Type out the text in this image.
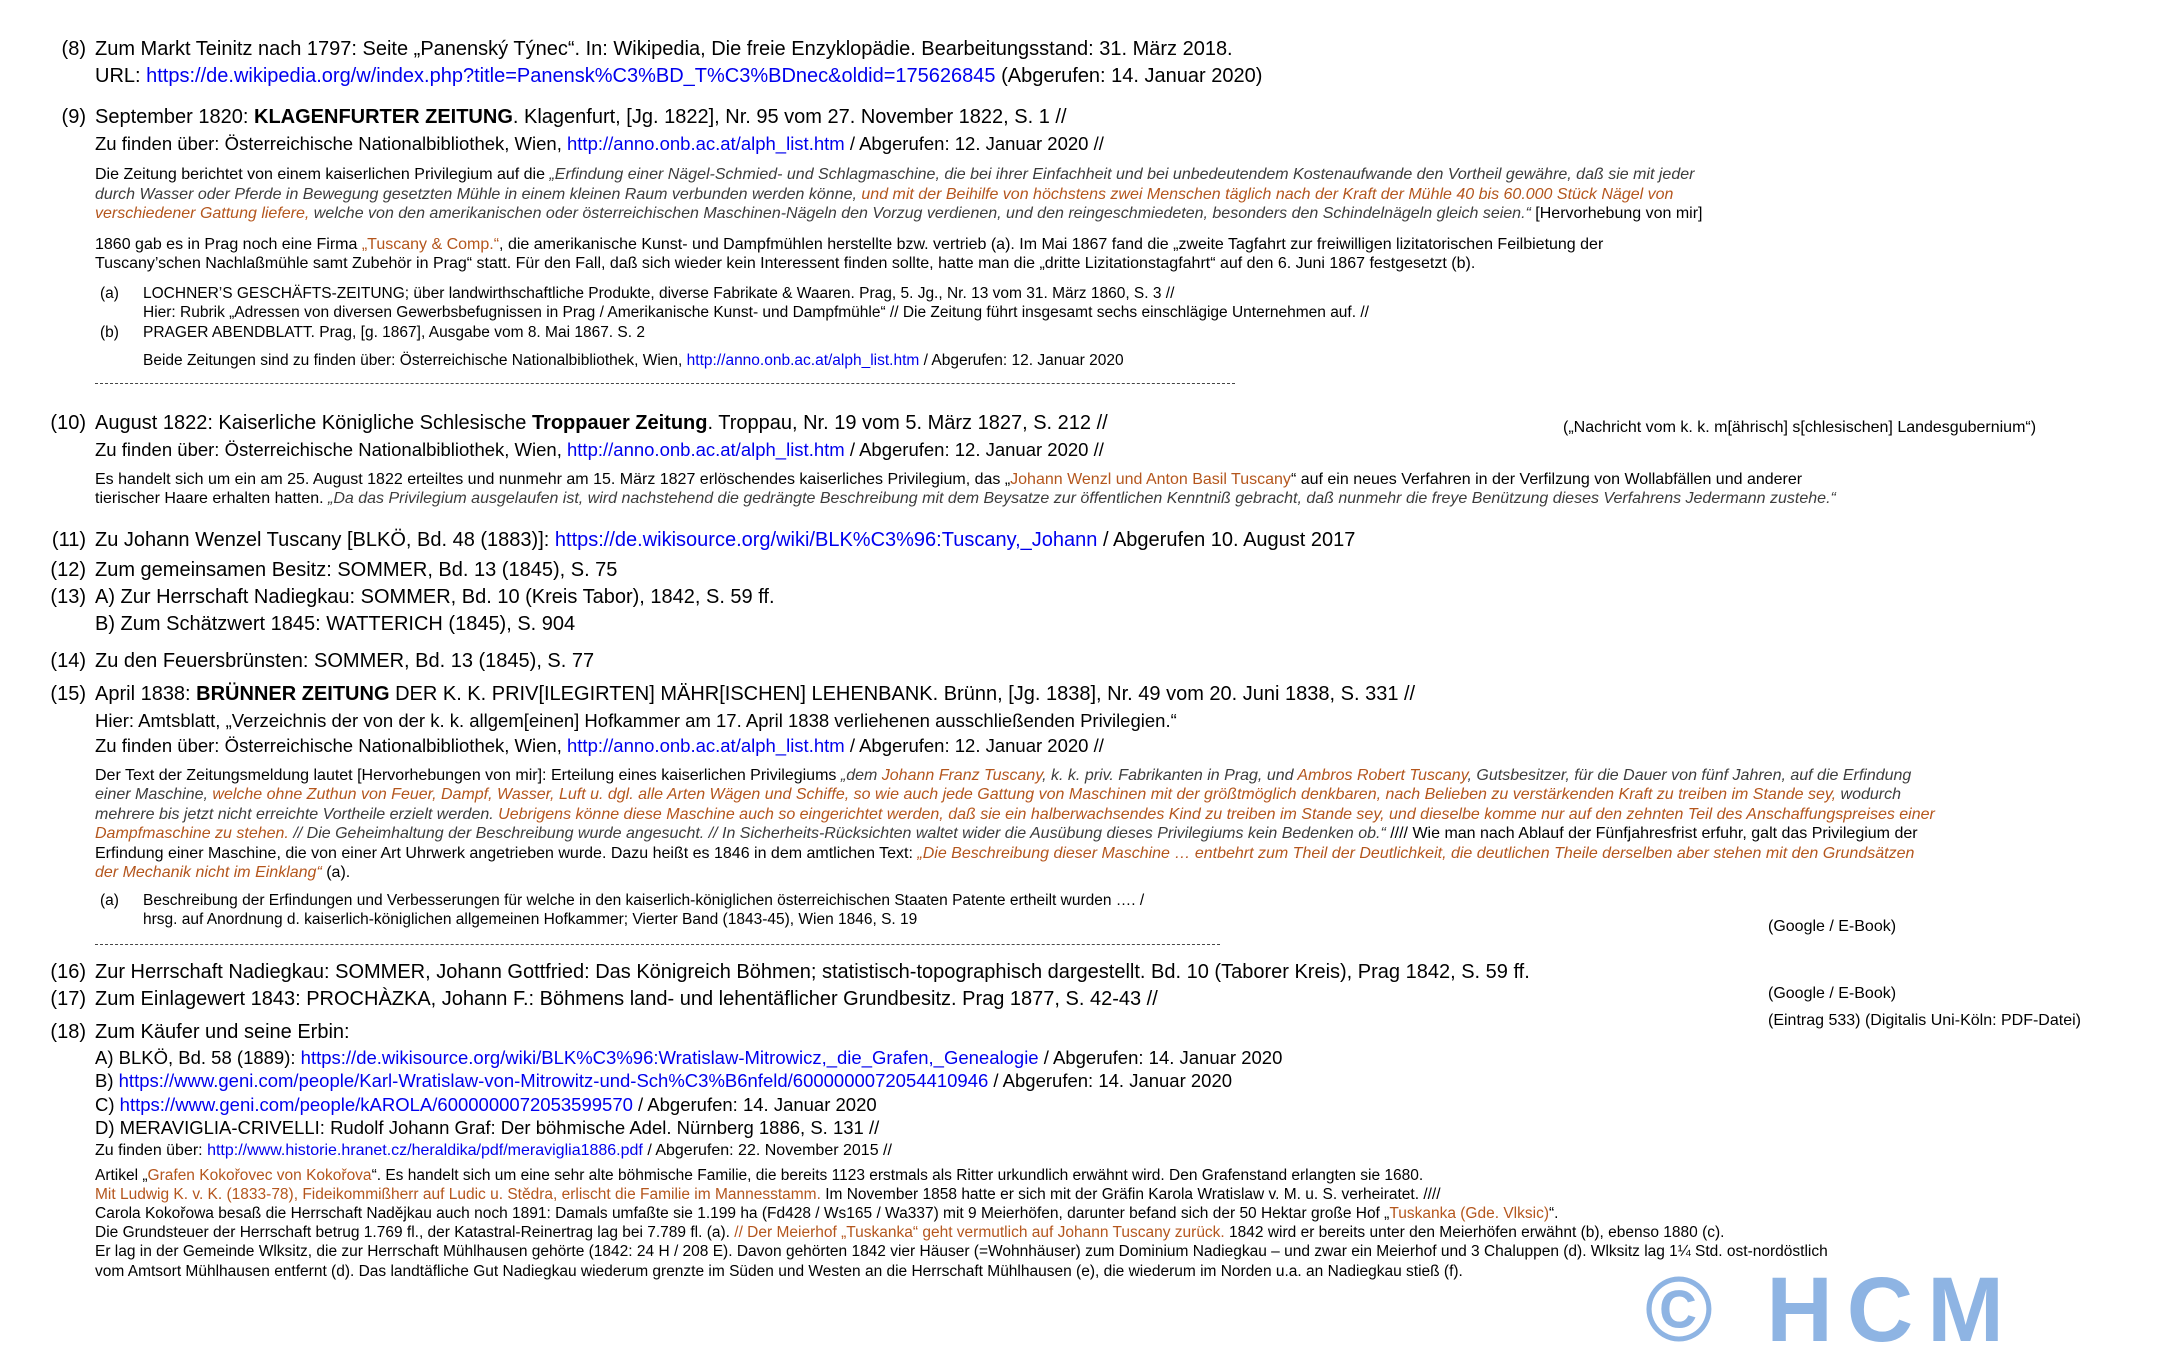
(8) Zum Markt Teinitz nach 1797: Seite „Panenský Týnec“. In: Wikipedia, Die freie Enzyklopädie. Bearbeitungsstand: 31. März 2018.
URL: https://de.wikipedia.org/w/index.php?title=Panensk%C3%BD_T%C3%BDnec&oldid=175626845 (Abgerufen: 14. Januar 2020)
(9) September 1820: KLAGENFURTER ZEITUNG. Klagenfurt, [Jg. 1822], Nr. 95 vom 27. November 1822, S. 1 //
Zu finden über: Österreichische Nationalbibliothek, Wien, http://anno.onb.ac.at/alph_list.htm / Abgerufen: 12. Januar 2020 //
Die Zeitung berichtet von einem kaiserlichen Privilegium auf die „Erfindung einer Nägel-Schmied- und Schlagmaschine, die bei ihrer Einfachheit und bei unbedeutendem Kostenaufwande den Vortheil gewähre, daß sie mit jeder durch Wasser oder Pferde in Bewegung gesetzten Mühle in einem kleinen Raum verbunden werden könne, und mit der Beihilfe von höchstens zwei Menschen täglich nach der Kraft der Mühle 40 bis 60.000 Stück Nägel von verschiedener Gattung liefere, welche von den amerikanischen oder österreichischen Maschinen-Nägeln den Vorzug verdienen, und den reingeschmiedeten, besonders den Schindelnägeln gleich seien.“ [Hervorhebung von mir]
1860 gab es in Prag noch eine Firma „Tuscany & Comp.“, die amerikanische Kunst- und Dampfmühlen herstellte bzw. vertrieb (a). Im Mai 1867 fand die „zweite Tagfahrt zur freiwilligen lizitatorischen Feilbietung der Tuscany’schen Nachlaßmühle samt Zubehör in Prag“ statt. Für den Fall, daß sich wieder kein Interessent finden sollte, hatte man die „dritte Lizitationstagfahrt“ auf den 6. Juni 1867 festgesetzt (b).
(a) LOCHNER’S GESCHÄFTS-ZEITUNG; über landwirthschaftliche Produkte, diverse Fabrikate & Waaren. Prag, 5. Jg., Nr. 13 vom 31. März 1860, S. 3 //
Hier: Rubrik „Adressen von diversen Gewerbsbefugnissen in Prag / Amerikanische Kunst- und Dampfmühle“ // Die Zeitung führt insgesamt sechs einschlägige Unternehmen auf. //
(b) PRAGER ABENDBLATT. Prag, [g. 1867], Ausgabe vom 8. Mai 1867. S. 2
Beide Zeitungen sind zu finden über: Österreichische Nationalbibliothek, Wien, http://anno.onb.ac.at/alph_list.htm / Abgerufen: 12. Januar 2020
(10) August 1822: Kaiserliche Königliche Schlesische Troppauer Zeitung. Troppau, Nr. 19 vom 5. März 1827, S. 212 //
Zu finden über: Österreichische Nationalbibliothek, Wien, http://anno.onb.ac.at/alph_list.htm / Abgerufen: 12. Januar 2020 //
Es handelt sich um ein am 25. August 1822 erteiltes und nunmehr am 15. März 1827 erlöschendes kaiserliches Privilegium, das „Johann Wenzl und Anton Basil Tuscany“ auf ein neues Verfahren in der Verfilzung von Wollabfällen und anderer tierischer Haare erhalten hatten. „Da das Privilegium ausgelaufen ist, wird nachstehend die gedrängte Beschreibung mit dem Beysatze zur öffentlichen Kenntniß gebracht, daß nunmehr die freye Benützung dieses Verfahrens Jedermann zustehe.“
(11) Zu Johann Wenzel Tuscany [BLKÖ, Bd. 48 (1883)]: https://de.wikisource.org/wiki/BLK%C3%96:Tuscany,_Johann / Abgerufen 10. August 2017
(12) Zum gemeinsamen Besitz: SOMMER, Bd. 13 (1845), S. 75
(13) A) Zur Herrschaft Nadiegkau: SOMMER, Bd. 10 (Kreis Tabor), 1842, S. 59 ff.
B) Zum Schätzwert 1845: WATTERICH (1845), S. 904
(14) Zu den Feuersbrünsten: SOMMER, Bd. 13 (1845), S. 77
(15) April 1838: BRÜNNER ZEITUNG DER K. K. PRIV[ILEGIRTEN] MÄHR[ISCHEN] LEHENBANK. Brünn, [Jg. 1838], Nr. 49 vom 20. Juni 1838, S. 331 //
Hier: Amtsblatt, „Verzeichnis der von der k. k. allgem[einen] Hofkammer am 17. April 1838 verliehenen ausschließenden Privilegien.“
Zu finden über: Österreichische Nationalbibliothek, Wien, http://anno.onb.ac.at/alph_list.htm / Abgerufen: 12. Januar 2020 //
Der Text der Zeitungsmeldung lautet [Hervorhebungen von mir]: Erteilung eines kaiserlichen Privilegiums „dem Johann Franz Tuscany, k. k. priv. Fabrikanten in Prag, und Ambros Robert Tuscany, Gutsbesitzer, für die Dauer von fünf Jahren, auf die Erfindung einer Maschine, welche ohne Zuthun von Feuer, Dampf, Wasser, Luft u. dgl. alle Arten Wägen und Schiffe, so wie auch jede Gattung von Maschinen mit der größtmöglich denkbaren, nach Belieben zu verstärkenden Kraft zu treiben im Stande sey, wodurch mehrere bis jetzt nicht erreichte Vortheile erzielt werden. Uebrigens könne diese Maschine auch so eingerichtet werden, daß sie ein halberwachsendes Kind zu treiben im Stande sey, und dieselbe komme nur auf den zehnten Teil des Anschaffungspreises einer Dampfmaschine zu stehen. // Die Geheimhaltung der Beschreibung wurde angesucht. // In Sicherheits-Rücksichten waltet wider die Ausübung dieses Privilegiums kein Bedenken ob.“ //// Wie man nach Ablauf der Fünfjahresfrist erfuhr, galt das Privilegium der Erfindung einer Maschine, die von einer Art Uhrwerk angetrieben wurde. Dazu heißt es 1846 in dem amtlichen Text: „Die Beschreibung dieser Maschine … entbehrt zum Theil der Deutlichkeit, die deutlichen Theile derselben aber stehen mit den Grundsätzen der Mechanik nicht im Einklang“ (a).
(a) Beschreibung der Erfindungen und Verbesserungen für welche in den kaiserlich-königlichen österreichischen Staaten Patente ertheilt wurden …. /
hrsg. auf Anordnung d. kaiserlich-königlichen allgemeinen Hofkammer; Vierter Band (1843-45), Wien 1846, S. 19
(16) Zur Herrschaft Nadiegkau: SOMMER, Johann Gottfried: Das Königreich Böhmen; statistisch-topographisch dargestellt. Bd. 10 (Taborer Kreis), Prag 1842, S. 59 ff.
(17) Zum Einlagewert 1843: PROCHÀZKA, Johann F.: Böhmens land- und lehentäflicher Grundbesitz. Prag 1877, S. 42-43 //
(18) Zum Käufer und seine Erbin:
A) BLKÖ, Bd. 58 (1889): https://de.wikisource.org/wiki/BLK%C3%96:Wratislaw-Mitrowicz,_die_Grafen,_Genealogie / Abgerufen: 14. Januar 2020
B) https://www.geni.com/people/Karl-Wratislaw-von-Mitrowitz-und-Sch%C3%B6nfeld/6000000072054410946 / Abgerufen: 14. Januar 2020
C) https://www.geni.com/people/kAROLA/6000000072053599570 / Abgerufen: 14. Januar 2020
D) MERAVIGLIA-CRIVELLI: Rudolf Johann Graf: Der böhmische Adel. Nürnberg 1886, S. 131 //
Zu finden über: http://www.historie.hranet.cz/heraldika/pdf/meraviglia1886.pdf / Abgerufen: 22. November 2015 //
Artikel „Grafen Kokořovec von Kokořova“. Es handelt sich um eine sehr alte böhmische Familie, die bereits 1123 erstmals als Ritter urkundlich erwähnt wird. Den Grafenstand erlangten sie 1680.
Mit Ludwig K. v. K. (1833-78), Fideikommißherr auf Ludic u. Stědra, erlischt die Familie im Mannesstamm. Im November 1858 hatte er sich mit der Gräfin Karola Wratislaw v. M. u. S. verheiratet. ////
Carola Kokořowa besaß die Herrschaft Nadějkau auch noch 1891: Damals umfaßte sie 1.199 ha (Fd428 / Ws165 / Wa337) mit 9 Meierhöfen, darunter befand sich der 50 Hektar große Hof „Tuskanka (Gde. Vlksic)“.
Die Grundsteuer der Herrschaft betrug 1.769 fl., der Katastral-Reinertrag lag bei 7.789 fl. (a). // Der Meierhof „Tuskanka“ geht vermutlich auf Johann Tuscany zurück. 1842 wird er bereits unter den Meierhöfen erwähnt (b), ebenso 1880 (c).
Er lag in der Gemeinde Wlksitz, die zur Herrschaft Mühlhausen gehörte (1842: 24 H / 208 E). Davon gehörten 1842 vier Häuser (=Wohnhäuser) zum Dominium Nadiegkau – und zwar ein Meierhof und 3 Chaluppen (d). Wlksitz lag 1¼ Std. ost-nordöstlich
vom Amtsort Mühlhausen entfernt (d). Das landtäfliche Gut Nadiegkau wiederum grenzte im Süden und Westen an die Herrschaft Mühlhausen (e), die wiederum im Norden u.a. an Nadiegkau stieß (f).
(„Nachricht vom k. k. m[ährisch] s[chlesischen] Landesgubernium“)
(Google / E-Book)
(Google / E-Book)
(Eintrag 533) (Digitalis Uni-Köln: PDF-Datei)
© HCM
